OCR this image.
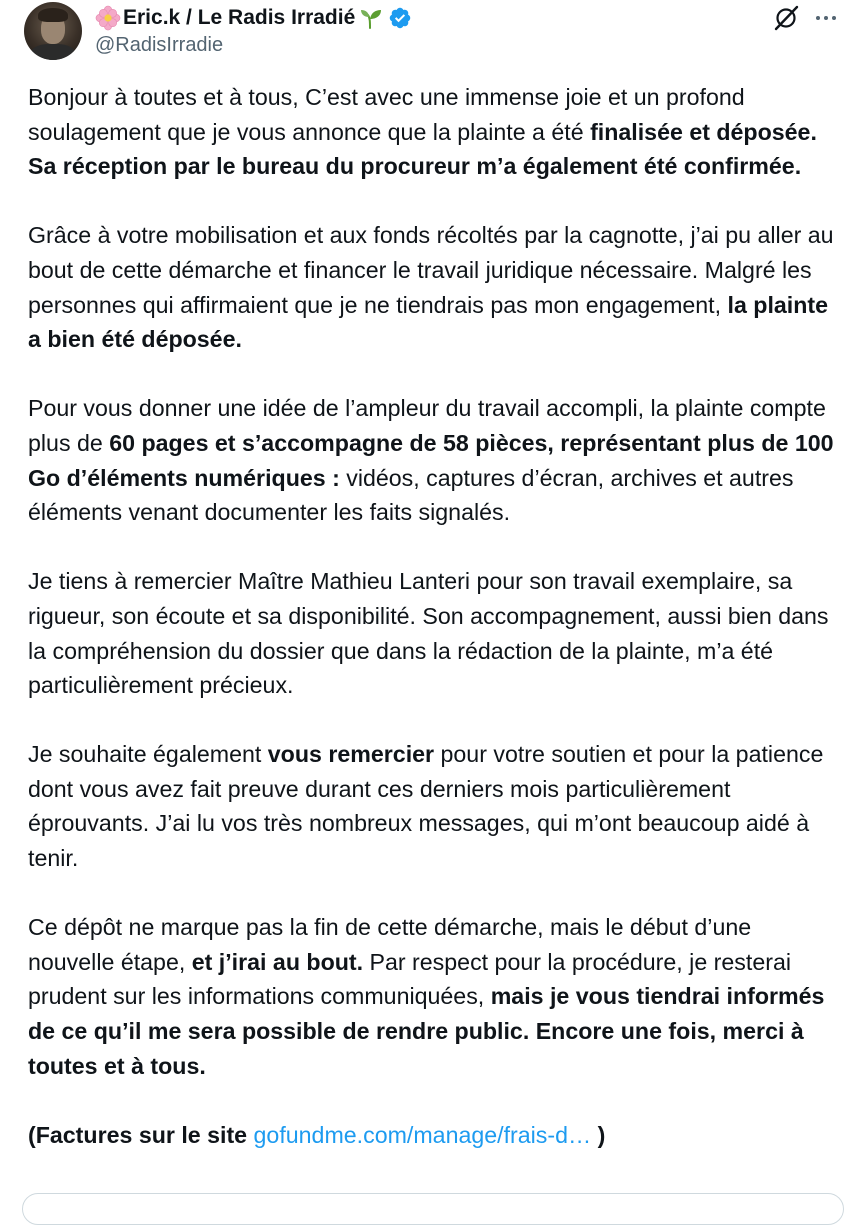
Eric.k / Le Radis Irradié
@RadisIrradie

Bonjour à toutes et à tous, C’est avec une immense joie et un profond soulagement que je vous annonce que la plainte a été finalisée et déposée. Sa réception par le bureau du procureur m’a également été confirmée.

Grâce à votre mobilisation et aux fonds récoltés par la cagnotte, j’ai pu aller au bout de cette démarche et financer le travail juridique nécessaire. Malgré les personnes qui affirmaient que je ne tiendrais pas mon engagement, la plainte a bien été déposée.

Pour vous donner une idée de l’ampleur du travail accompli, la plainte compte plus de 60 pages et s’accompagne de 58 pièces, représentant plus de 100 Go d’éléments numériques : vidéos, captures d’écran, archives et autres éléments venant documenter les faits signalés.

Je tiens à remercier Maître Mathieu Lanteri pour son travail exemplaire, sa rigueur, son écoute et sa disponibilité. Son accompagnement, aussi bien dans la compréhension du dossier que dans la rédaction de la plainte, m’a été particulièrement précieux.

Je souhaite également vous remercier pour votre soutien et pour la patience dont vous avez fait preuve durant ces derniers mois particulièrement éprouvants. J’ai lu vos très nombreux messages, qui m’ont beaucoup aidé à tenir.

Ce dépôt ne marque pas la fin de cette démarche, mais le début d’une nouvelle étape, et j’irai au bout. Par respect pour la procédure, je resterai prudent sur les informations communiquées, mais je vous tiendrai informés de ce qu’il me sera possible de rendre public. Encore une fois, merci à toutes et à tous.

(Factures sur le site gofundme.com/manage/frais-d… )
